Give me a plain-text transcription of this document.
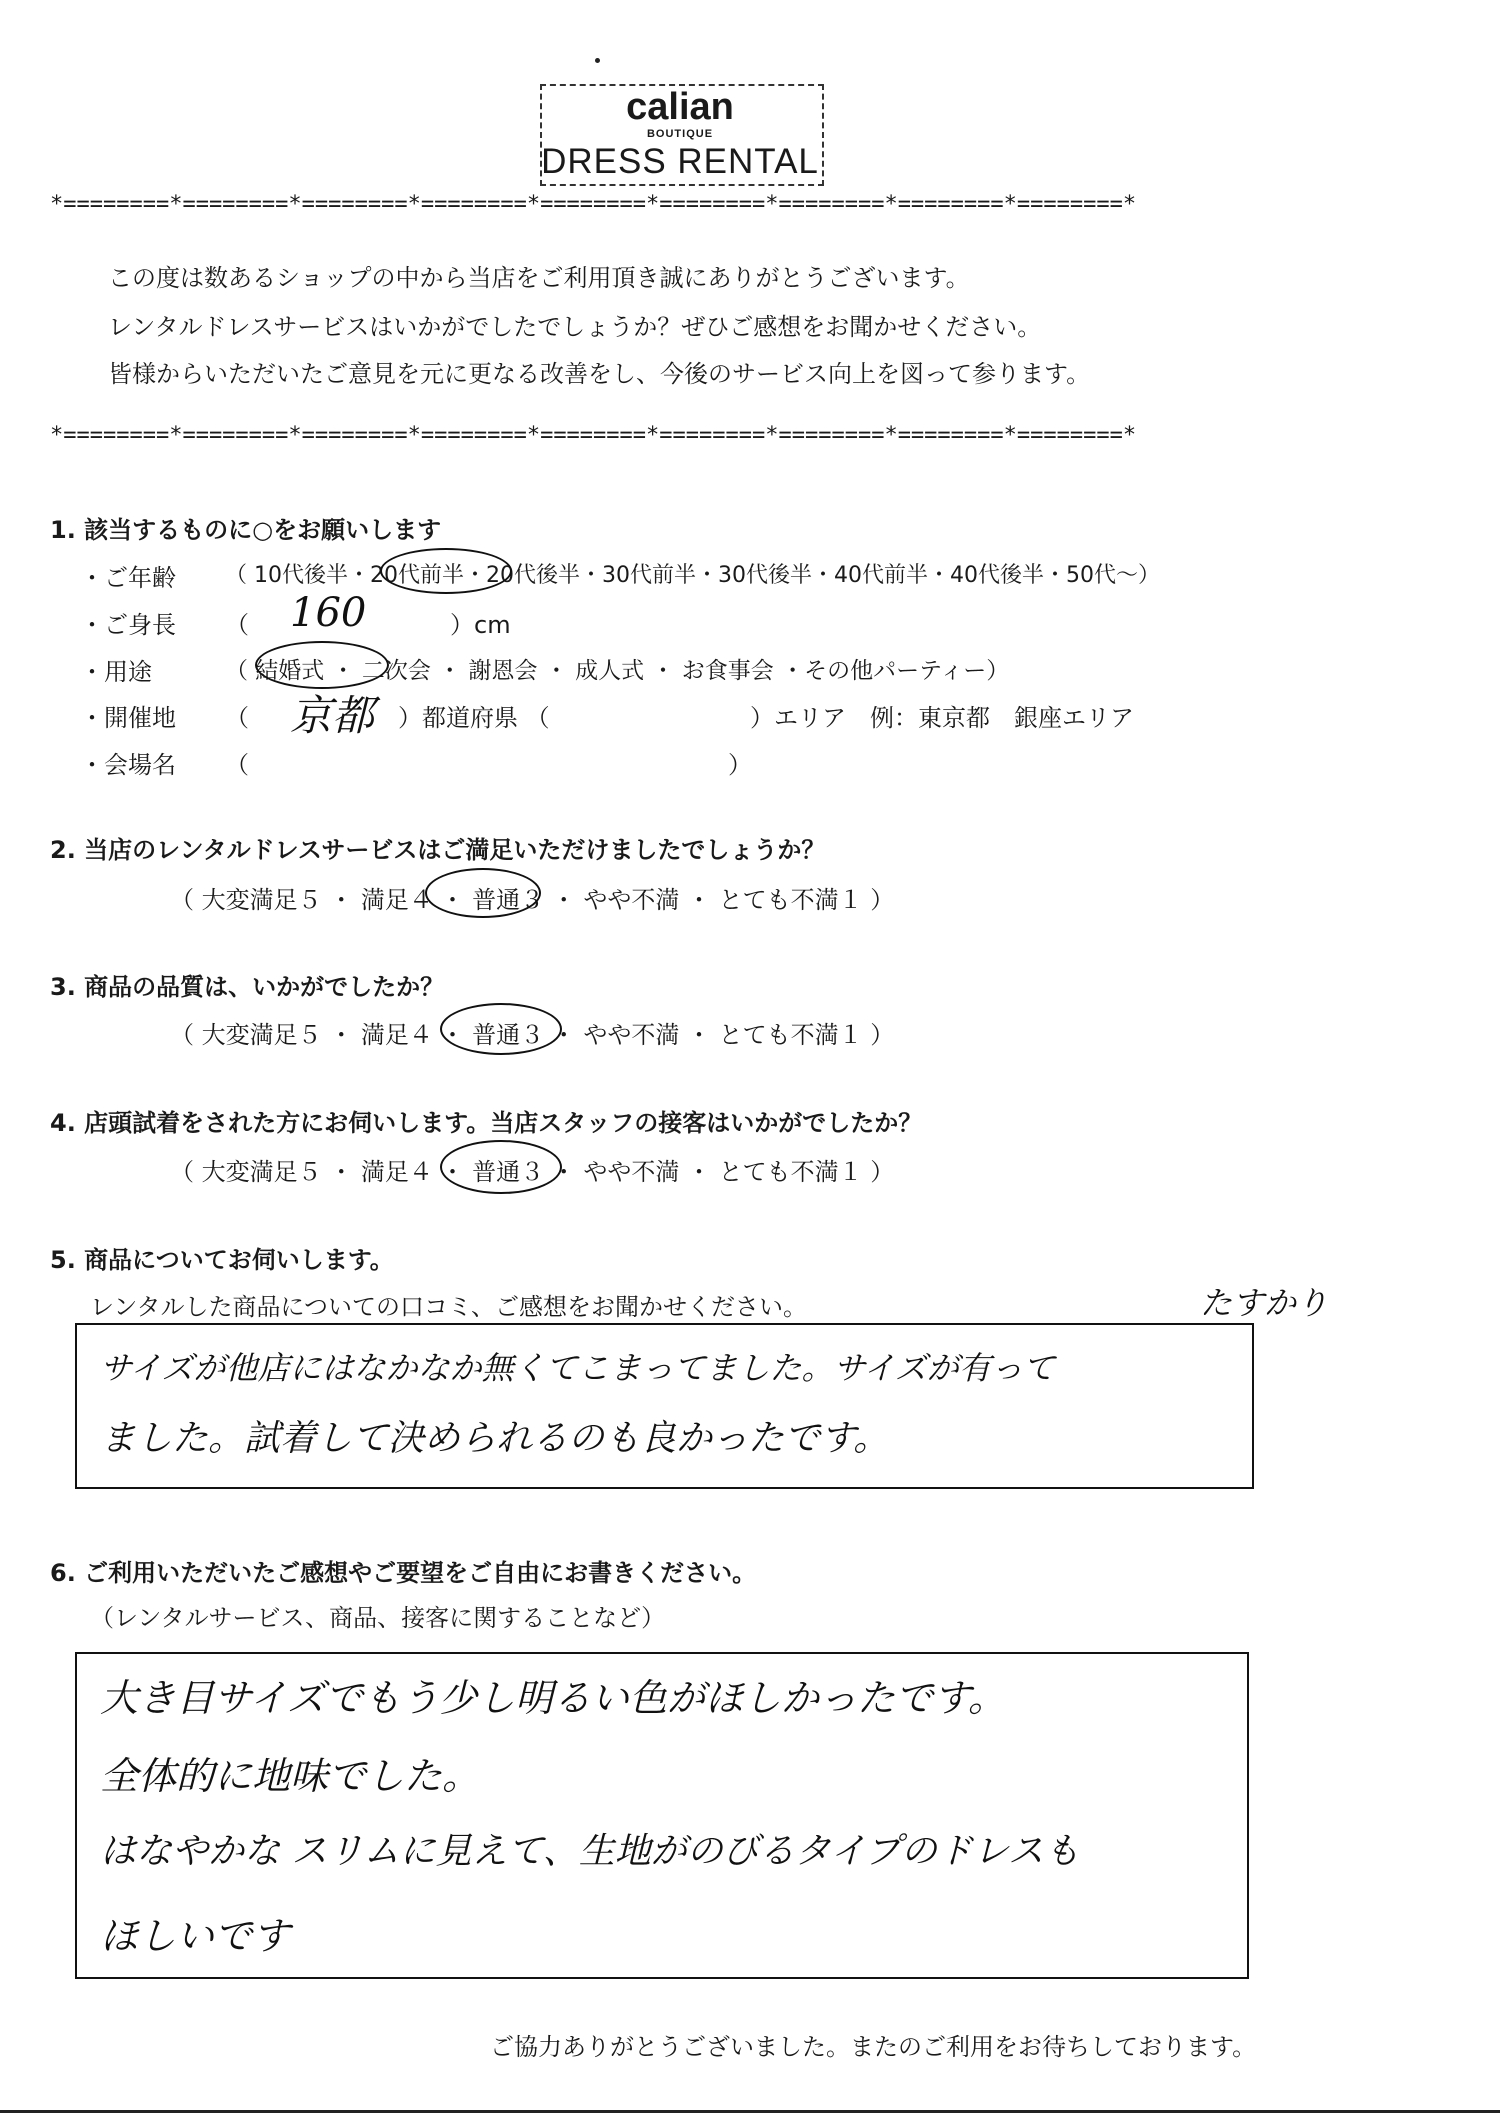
calian
BOUTIQUE
DRESS RENTAL
*========*========*========*========*========*========*========*========*========*
この度は数あるショップの中から当店をご利用頂き誠にありがとうございます。
レンタルドレスサービスはいかがでしたでしょうか？ぜひご感想をお聞かせください。
皆様からいただいたご意見を元に更なる改善をし、今後のサービス向上を図って参ります。
*========*========*========*========*========*========*========*========*========*
1. 該当するものに○をお願いします
・ご年齢 （ 10代後半・20代前半・20代後半・30代前半・30代後半・40代前半・40代後半・50代～）
・ご身長 （ 160	）cm
・用途	（ 結婚式 ・ 二次会 ・ 謝恩会 ・ 成人式 ・ お食事会 ・その他パーティー）
・開催地 （ 京都 ）都道府県 （	）エリア　例：東京都　銀座エリア
・会場名 （	）
2. 当店のレンタルドレスサービスはご満足いただけましたでしょうか？
（ 大変満足５ ・ 満足４ ・ 普通３ ・ やや不満 ・ とても不満１ ）
3. 商品の品質は、いかがでしたか？
（ 大変満足５ ・ 満足４ ・ 普通３ ・ やや不満 ・ とても不満１ ）
4. 店頭試着をされた方にお伺いします。当店スタッフの接客はいかがでしたか？
（ 大変満足５ ・ 満足４ ・ 普通３ ・ やや不満 ・ とても不満１ ）
5. 商品についてお伺いします。
レンタルした商品についての口コミ、ご感想をお聞かせください。	たすかり
サイズが他店にはなかなか無くてこまってました。サイズが有って
ました。試着して決められるのも良かったです。
6. ご利用いただいたご感想やご要望をご自由にお書きください。
（レンタルサービス、商品、接客に関することなど）
大き目サイズでもう少し明るい色がほしかったです。
全体的に地味でした。
はなやかな スリムに見えて、生地がのびるタイプのドレスも
ほしいです
ご協力ありがとうございました。またのご利用をお待ちしております。
